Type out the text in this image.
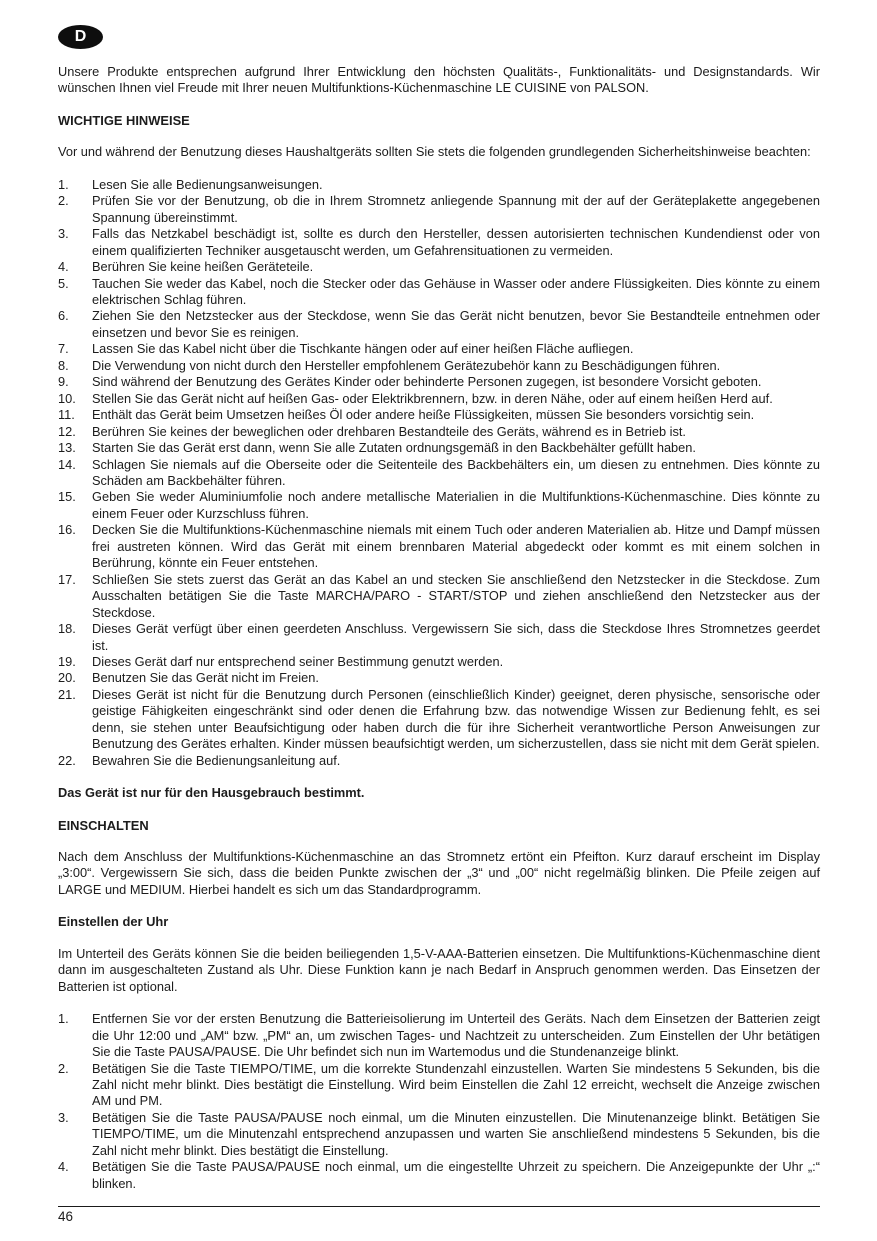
D

Unsere Produkte entsprechen aufgrund Ihrer Entwicklung den höchsten Qualitäts-, Funktionalitäts- und Designstandards. Wir wünschen Ihnen viel Freude mit Ihrer neuen Multifunktions-Küchenmaschine LE CUISINE von PALSON.

WICHTIGE HINWEISE

Vor und während der Benutzung dieses Haushaltgeräts sollten Sie stets die folgenden grundlegenden Sicherheitshinweise beachten:

1. Lesen Sie alle Bedienungsanweisungen.
2. Prüfen Sie vor der Benutzung, ob die in Ihrem Stromnetz anliegende Spannung mit der auf der Geräteplakette angegebenen Spannung übereinstimmt.
3. Falls das Netzkabel beschädigt ist, sollte es durch den Hersteller, dessen autorisierten technischen Kundendienst oder von einem qualifizierten Techniker ausgetauscht werden, um Gefahrensituationen zu vermeiden.
4. Berühren Sie keine heißen Geräteteile.
5. Tauchen Sie weder das Kabel, noch die Stecker oder das Gehäuse in Wasser oder andere Flüssigkeiten. Dies könnte zu einem elektrischen Schlag führen.
6. Ziehen Sie den Netzstecker aus der Steckdose, wenn Sie das Gerät nicht benutzen, bevor Sie Bestandteile entnehmen oder einsetzen und bevor Sie es reinigen.
7. Lassen Sie das Kabel nicht über die Tischkante hängen oder auf einer heißen Fläche aufliegen.
8. Die Verwendung von nicht durch den Hersteller empfohlenem Gerätezubehör kann zu Beschädigungen führen.
9. Sind während der Benutzung des Gerätes Kinder oder behinderte Personen zugegen, ist besondere Vorsicht geboten.
10. Stellen Sie das Gerät nicht auf heißen Gas- oder Elektrikbrennern, bzw. in deren Nähe, oder auf einem heißen Herd auf.
11. Enthält das Gerät beim Umsetzen heißes Öl oder andere heiße Flüssigkeiten, müssen Sie besonders vorsichtig sein.
12. Berühren Sie keines der beweglichen oder drehbaren Bestandteile des Geräts, während es in Betrieb ist.
13. Starten Sie das Gerät erst dann, wenn Sie alle Zutaten ordnungsgemäß in den Backbehälter gefüllt haben.
14. Schlagen Sie niemals auf die Oberseite oder die Seitenteile des Backbehälters ein, um diesen zu entnehmen. Dies könnte zu Schäden am Backbehälter führen.
15. Geben Sie weder Aluminiumfolie noch andere metallische Materialien in die Multifunktions-Küchenmaschine. Dies könnte zu einem Feuer oder Kurzschluss führen.
16. Decken Sie die Multifunktions-Küchenmaschine niemals mit einem Tuch oder anderen Materialien ab. Hitze und Dampf müssen frei austreten können. Wird das Gerät mit einem brennbaren Material abgedeckt oder kommt es mit einem solchen in Berührung, könnte ein Feuer entstehen.
17. Schließen Sie stets zuerst das Gerät an das Kabel an und stecken Sie anschließend den Netzstecker in die Steckdose. Zum Ausschalten betätigen Sie die Taste MARCHA/PARO - START/STOP und ziehen anschließend den Netzstecker aus der Steckdose.
18. Dieses Gerät verfügt über einen geerdeten Anschluss. Vergewissern Sie sich, dass die Steckdose Ihres Stromnetzes geerdet ist.
19. Dieses Gerät darf nur entsprechend seiner Bestimmung genutzt werden.
20. Benutzen Sie das Gerät nicht im Freien.
21. Dieses Gerät ist nicht für die Benutzung durch Personen (einschließlich Kinder) geeignet, deren physische, sensorische oder geistige Fähigkeiten eingeschränkt sind oder denen die Erfahrung bzw. das notwendige Wissen zur Bedienung fehlt, es sei denn, sie stehen unter Beaufsichtigung oder haben durch die für ihre Sicherheit verantwortliche Person Anweisungen zur Benutzung des Gerätes erhalten. Kinder müssen beaufsichtigt werden, um sicherzustellen, dass sie nicht mit dem Gerät spielen.
22. Bewahren Sie die Bedienungsanleitung auf.

Das Gerät ist nur für den Hausgebrauch bestimmt.

EINSCHALTEN

Nach dem Anschluss der Multifunktions-Küchenmaschine an das Stromnetz ertönt ein Pfeifton. Kurz darauf erscheint im Display „3:00“. Vergewissern Sie sich, dass die beiden Punkte zwischen der „3“ und „00“ nicht regelmäßig blinken. Die Pfeile zeigen auf LARGE und MEDIUM. Hierbei handelt es sich um das Standardprogramm.

Einstellen der Uhr

Im Unterteil des Geräts können Sie die beiden beiliegenden 1,5-V-AAA-Batterien einsetzen. Die Multifunktions-Küchenmaschine dient dann im ausgeschalteten Zustand als Uhr. Diese Funktion kann je nach Bedarf in Anspruch genommen werden. Das Einsetzen der Batterien ist optional.

1. Entfernen Sie vor der ersten Benutzung die Batterieisolierung im Unterteil des Geräts. Nach dem Einsetzen der Batterien zeigt die Uhr 12:00 und „AM“ bzw. „PM“ an, um zwischen Tages- und Nachtzeit zu unterscheiden. Zum Einstellen der Uhr betätigen Sie die Taste PAUSA/PAUSE. Die Uhr befindet sich nun im Wartemodus und die Stundenanzeige blinkt.
2. Betätigen Sie die Taste TIEMPO/TIME, um die korrekte Stundenzahl einzustellen. Warten Sie mindestens 5 Sekunden, bis die Zahl nicht mehr blinkt. Dies bestätigt die Einstellung. Wird beim Einstellen die Zahl 12 erreicht, wechselt die Anzeige zwischen AM und PM.
3. Betätigen Sie die Taste PAUSA/PAUSE noch einmal, um die Minuten einzustellen. Die Minutenanzeige blinkt. Betätigen Sie TIEMPO/TIME, um die Minutenzahl entsprechend anzupassen und warten Sie anschließend mindestens 5 Sekunden, bis die Zahl nicht mehr blinkt. Dies bestätigt die Einstellung.
4. Betätigen Sie die Taste PAUSA/PAUSE noch einmal, um die eingestellte Uhrzeit zu speichern. Die Anzeigepunkte der Uhr „:“ blinken.
46
